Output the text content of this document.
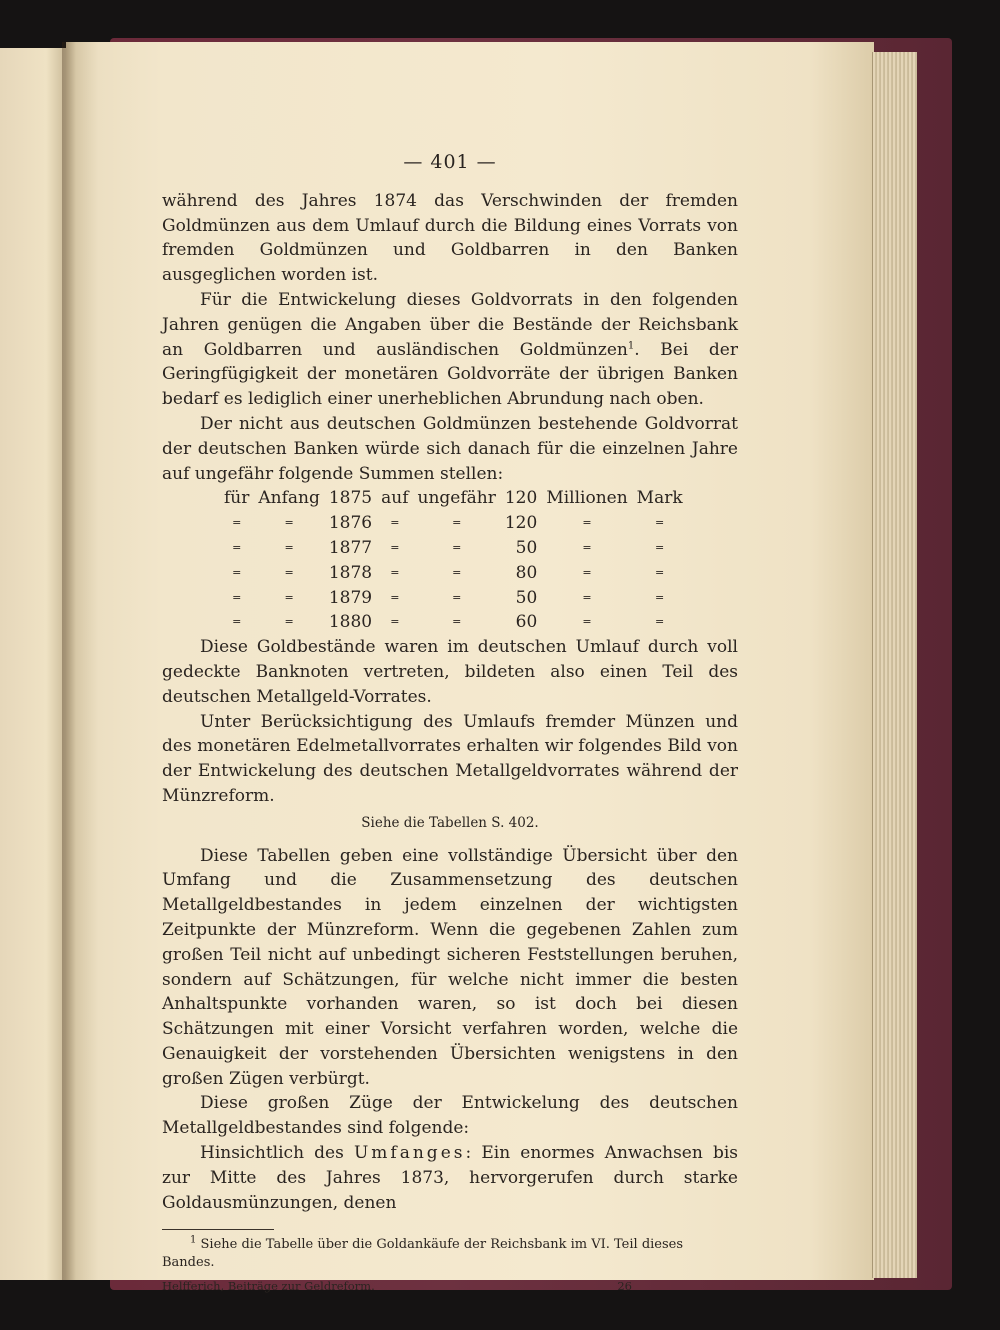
— 401 —

während des Jahres 1874 das Verschwinden der fremden Goldmünzen aus dem Umlauf durch die Bildung eines Vorrats von fremden Goldmünzen und Goldbarren in den Banken ausgeglichen worden ist.

Für die Entwickelung dieses Goldvorrats in den folgenden Jahren genügen die Angaben über die Bestände der Reichsbank an Goldbarren und ausländischen Goldmünzen$^1$. Bei der Geringfügigkeit der monetären Goldvorräte der übrigen Banken bedarf es lediglich einer unerheblichen Abrundung nach oben.

Der nicht aus deutschen Goldmünzen bestehende Goldvorrat der deutschen Banken würde sich danach für die einzelnen Jahre auf ungefähr folgende Summen stellen:

für	Anfang	1875	auf	ungefähr	120	Millionen	Mark
=	=	1876	=	=	120	=	=
=	=	1877	=	=	50	=	=
=	=	1878	=	=	80	=	=
=	=	1879	=	=	50	=	=
=	=	1880	=	=	60	=	=

Diese Goldbestände waren im deutschen Umlauf durch voll gedeckte Banknoten vertreten, bildeten also einen Teil des deutschen Metallgeld-Vorrates.

Unter Berücksichtigung des Umlaufs fremder Münzen und des monetären Edelmetallvorrates erhalten wir folgendes Bild von der Entwickelung des deutschen Metallgeldvorrates während der Münzreform.

Siehe die Tabellen S. 402.

Diese Tabellen geben eine vollständige Übersicht über den Umfang und die Zusammensetzung des deutschen Metallgeldbestandes in jedem einzelnen der wichtigsten Zeitpunkte der Münzreform. Wenn die gegebenen Zahlen zum großen Teil nicht auf unbedingt sicheren Feststellungen beruhen, sondern auf Schätzungen, für welche nicht immer die besten Anhaltspunkte vorhanden waren, so ist doch bei diesen Schätzungen mit einer Vorsicht verfahren worden, welche die Genauigkeit der vorstehenden Übersichten wenigstens in den großen Zügen verbürgt.

Diese großen Züge der Entwickelung des deutschen Metallgeldbestandes sind folgende:

Hinsichtlich des Umfanges: Ein enormes Anwachsen bis zur Mitte des Jahres 1873, hervorgerufen durch starke Goldausmünzungen, denen

$^1$ Siehe die Tabelle über die Goldankäufe der Reichsbank im VI. Teil dieses Bandes.

Helfferich, Beiträge zur Geldreform.	26
